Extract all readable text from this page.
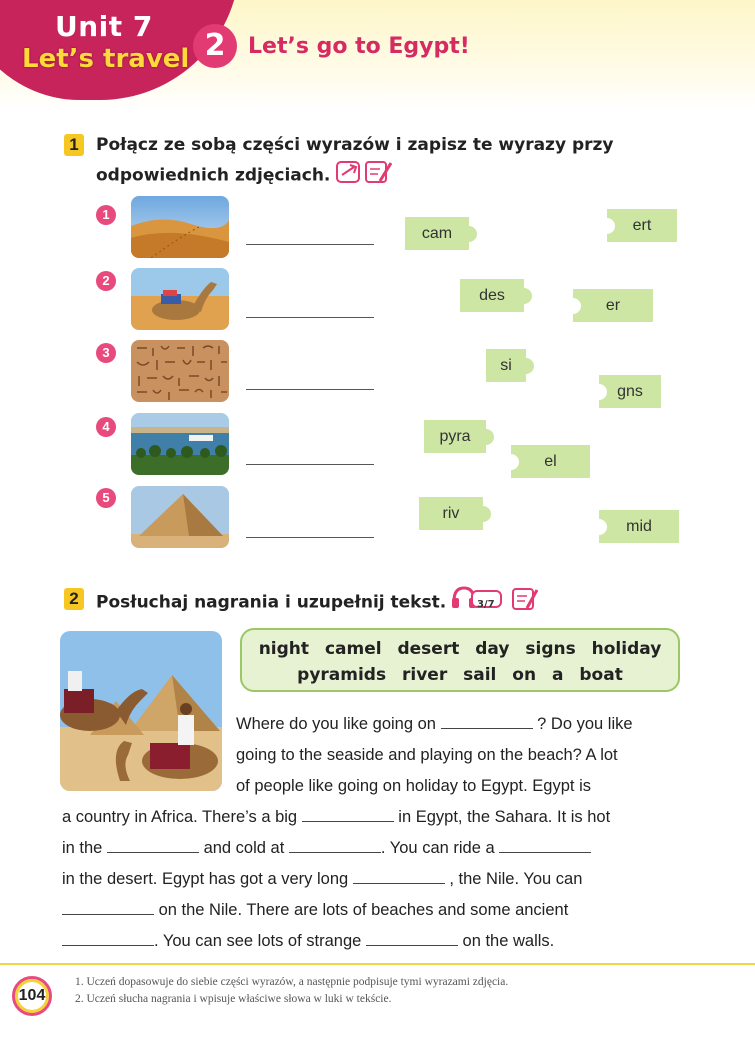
Unit 7
Let’s travel 2	Let’s go to Egypt!
1	Połącz ze sobą części wyrazów i zapisz te wyrazy przy
odpowiednich zdjęciach.
1
2
3
4
5
cam
des
si
pyra
riv
ert
er
gns
el
mid
2	Posłuchaj nagrania i uzupełnij tekst.	3/7
night camel desert day signs holiday
pyramids river sail on a boat
Where do you like going on	? Do you like
going to the seaside and playing on the beach? A lot
of people like going on holiday to Egypt. Egypt is
a country in Africa. There’s a big	in Egypt, the Sahara. It is hot
in the	and cold at	. You can ride a
in the desert. Egypt has got a very long	, the Nile. You can
on the Nile. There are lots of beaches and some ancient
. You can see lots of strange	on the walls.
104
1. Uczeń dopasowuje do siebie części wyrazów, a następnie podpisuje tymi wyrazami zdjęcia.
2. Uczeń słucha nagrania i wpisuje właściwe słowa w luki w tekście.
